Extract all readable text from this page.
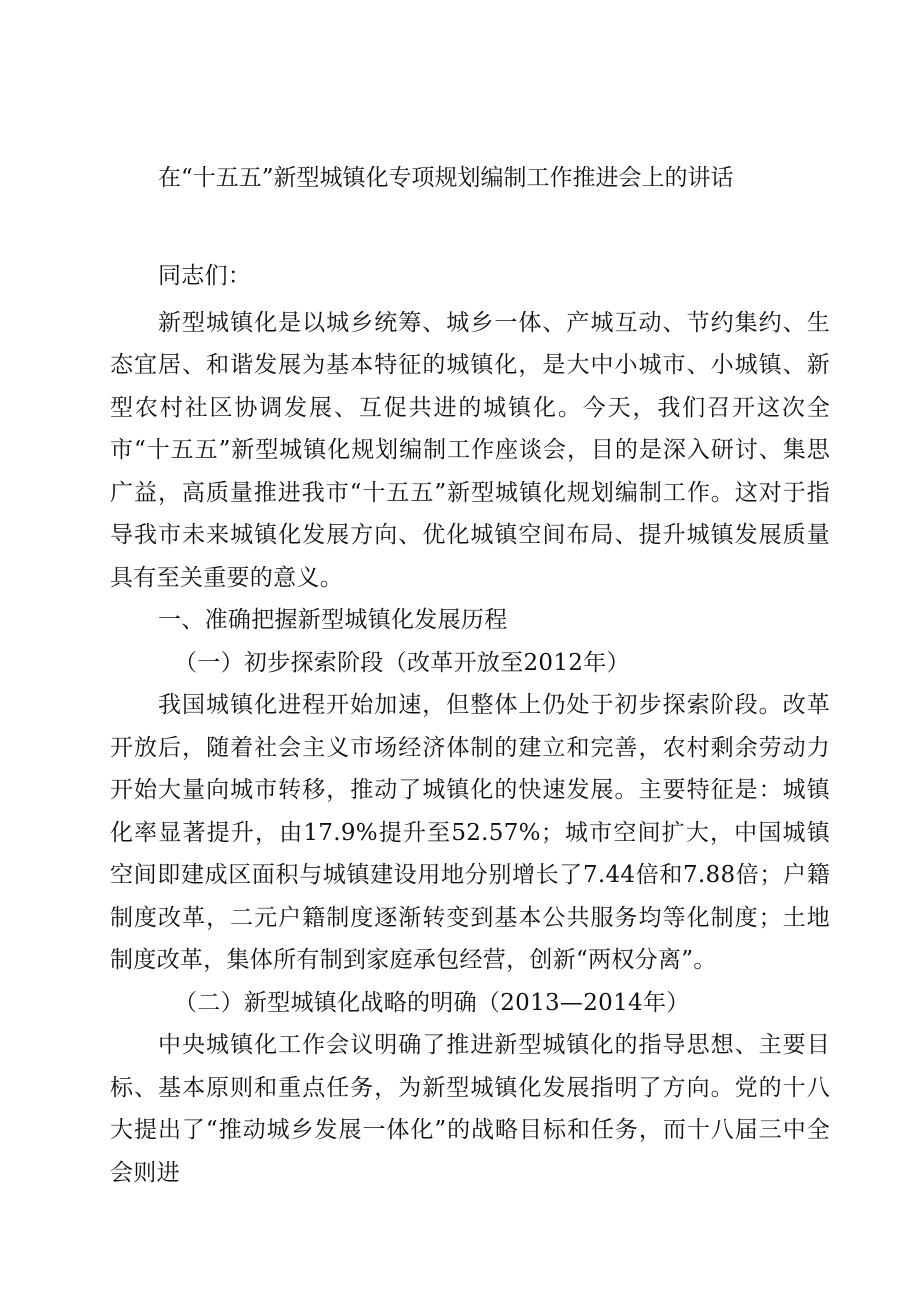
在“十五五”新型城镇化专项规划编制工作推进会上的讲话

同志们：

新型城镇化是以城乡统筹、城乡一体、产城互动、节约集约、生态宜居、和谐发展为基本特征的城镇化，是大中小城市、小城镇、新型农村社区协调发展、互促共进的城镇化。今天，我们召开这次全市“十五五”新型城镇化规划编制工作座谈会，目的是深入研讨、集思广益，高质量推进我市“十五五”新型城镇化规划编制工作。这对于指导我市未来城镇化发展方向、优化城镇空间布局、提升城镇发展质量具有至关重要的意义。

一、准确把握新型城镇化发展历程

（一）初步探索阶段（改革开放至2012年）

我国城镇化进程开始加速，但整体上仍处于初步探索阶段。改革开放后，随着社会主义市场经济体制的建立和完善，农村剩余劳动力开始大量向城市转移，推动了城镇化的快速发展。主要特征是：城镇化率显著提升，由17.9%提升至52.57%；城市空间扩大，中国城镇空间即建成区面积与城镇建设用地分别增长了7.44倍和7.88倍；户籍制度改革，二元户籍制度逐渐转变到基本公共服务均等化制度；土地制度改革，集体所有制到家庭承包经营，创新“两权分离”。

（二）新型城镇化战略的明确（2013—2014年）

中央城镇化工作会议明确了推进新型城镇化的指导思想、主要目标、基本原则和重点任务，为新型城镇化发展指明了方向。党的十八大提出了“推动城乡发展一体化”的战略目标和任务，而十八届三中全会则进
